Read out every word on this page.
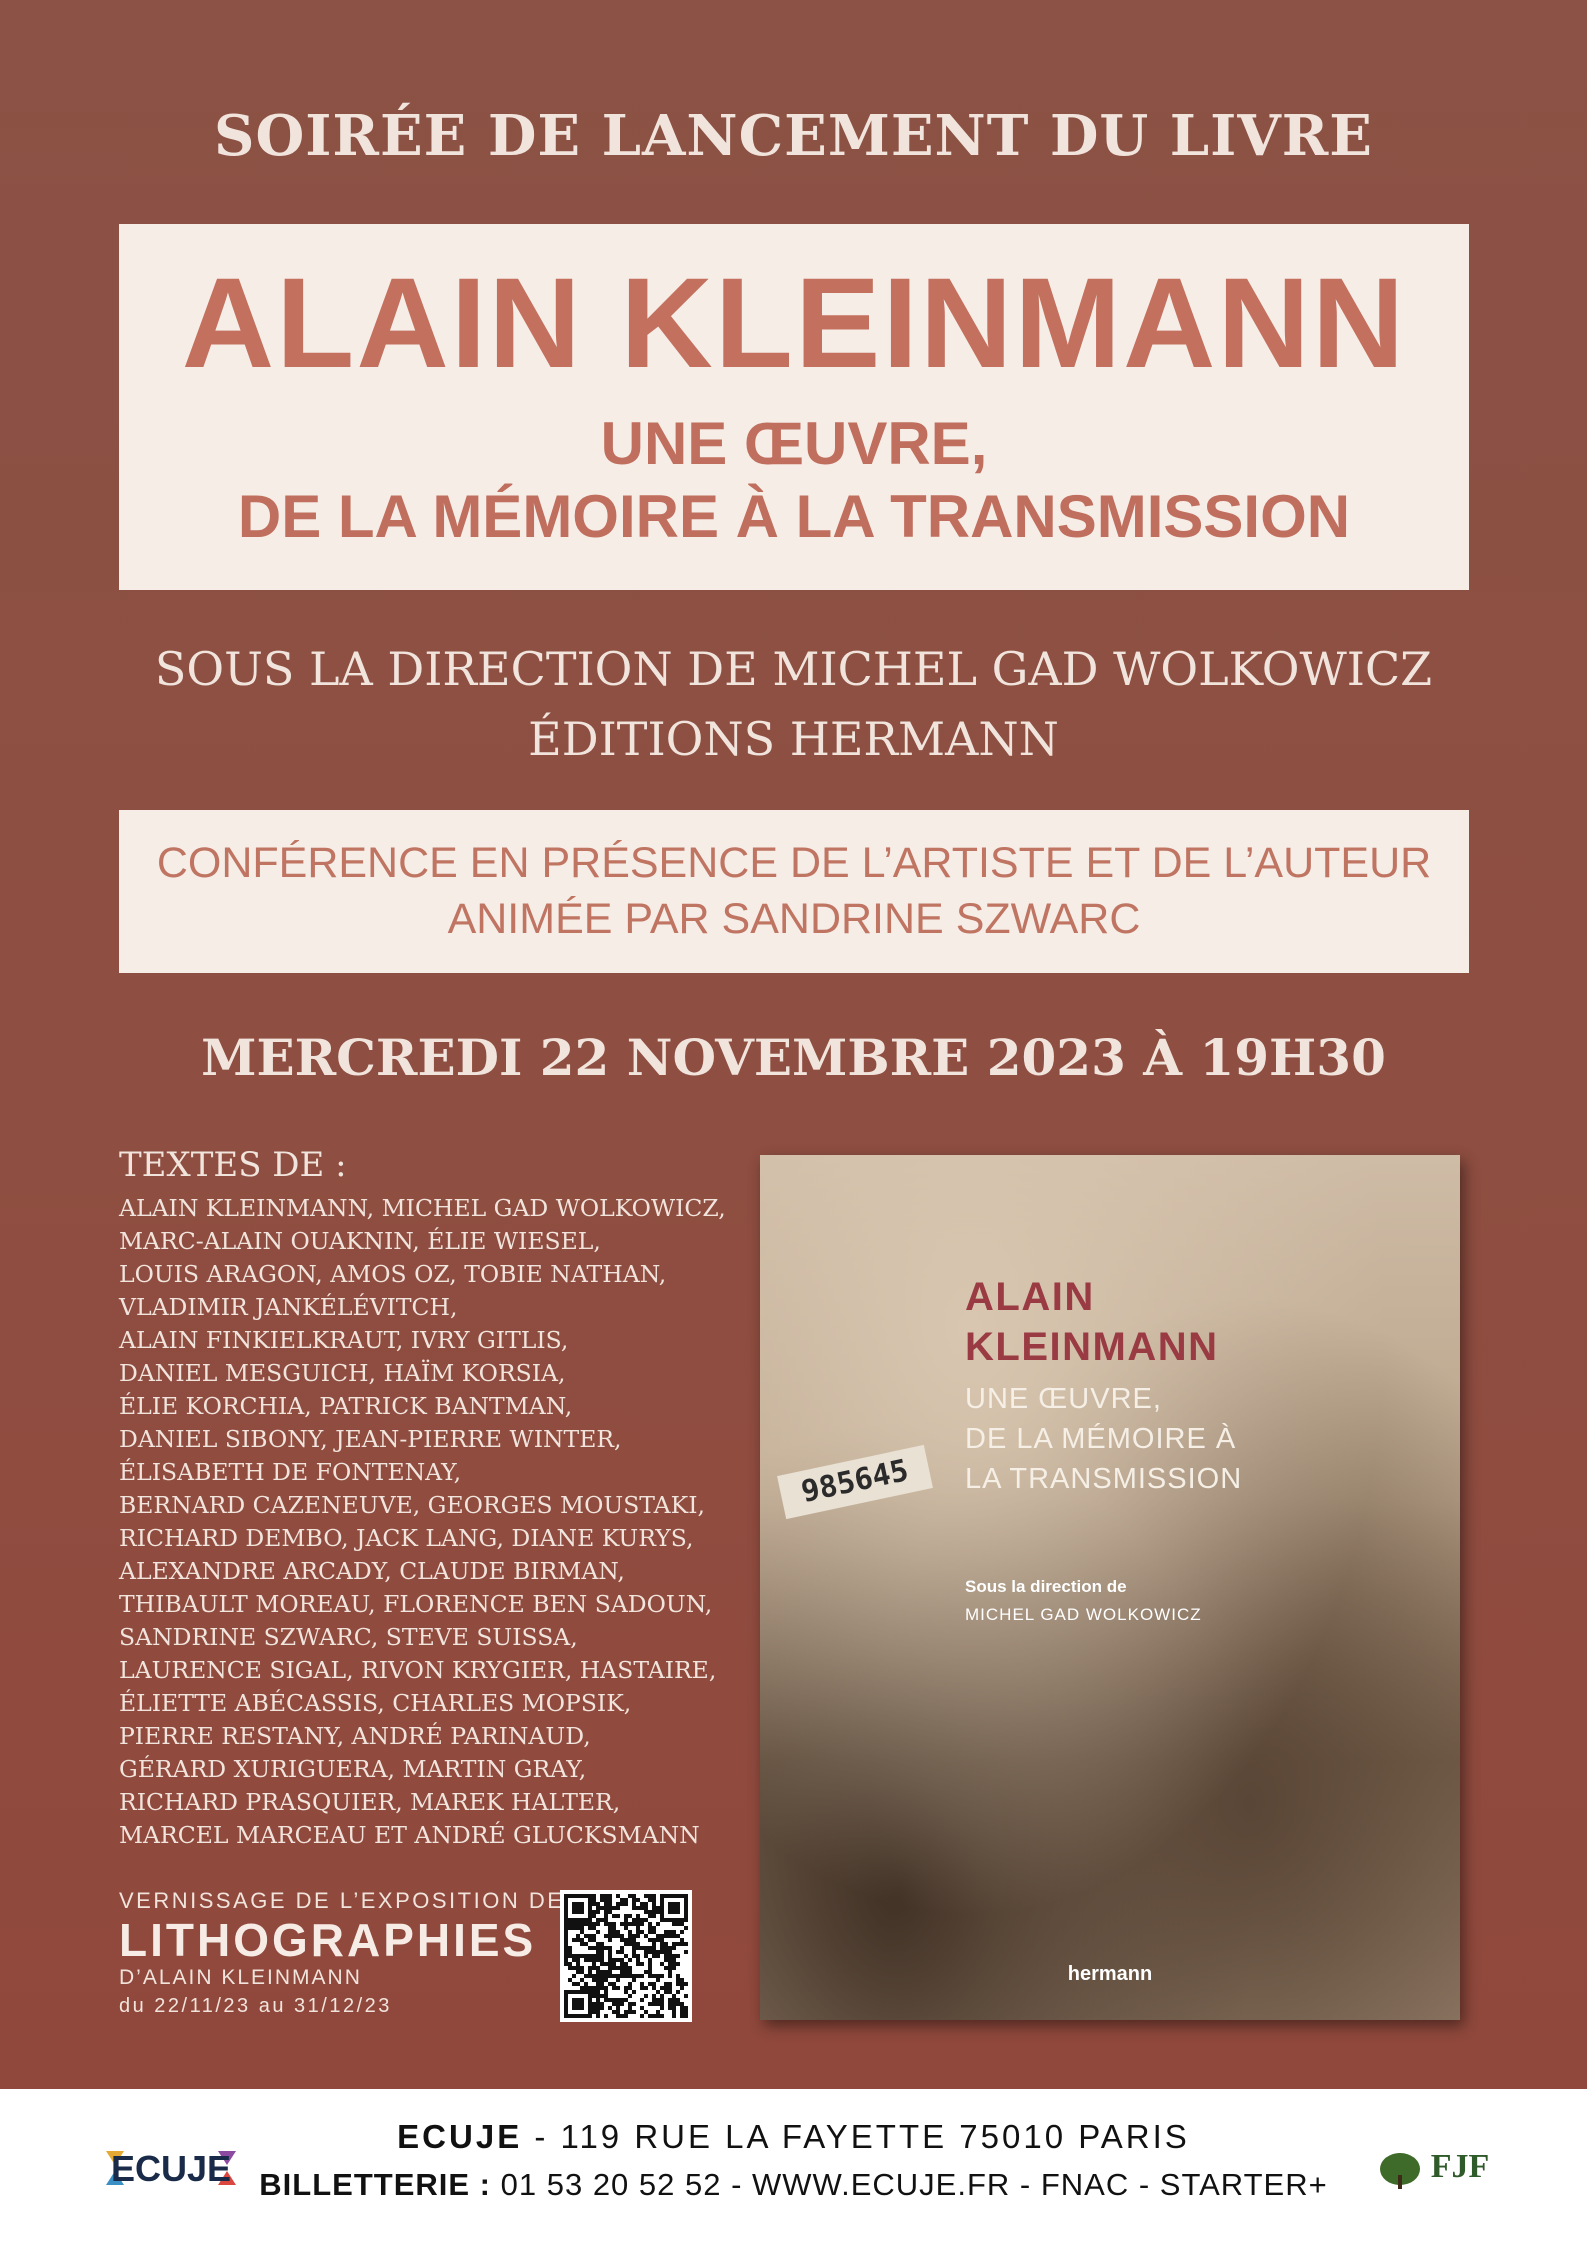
SOIRÉE DE LANCEMENT DU LIVRE
ALAIN KLEINMANN
UNE ŒUVRE,
DE LA MÉMOIRE À LA TRANSMISSION
SOUS LA DIRECTION DE MICHEL GAD WOLKOWICZ
ÉDITIONS HERMANN
CONFÉRENCE EN PRÉSENCE DE L’ARTISTE ET DE L’AUTEUR
ANIMÉE PAR SANDRINE SZWARC
MERCREDI 22 NOVEMBRE 2023 À 19H30
TEXTES DE :
ALAIN KLEINMANN, MICHEL GAD WOLKOWICZ,
MARC-ALAIN OUAKNIN, ÉLIE WIESEL,
LOUIS ARAGON, AMOS OZ, TOBIE NATHAN,
VLADIMIR JANKÉLÉVITCH,
ALAIN FINKIELKRAUT, IVRY GITLIS,
DANIEL MESGUICH, HAÏM KORSIA,
ÉLIE KORCHIA, PATRICK BANTMAN,
DANIEL SIBONY, JEAN-PIERRE WINTER,
ÉLISABETH DE FONTENAY,
BERNARD CAZENEUVE, GEORGES MOUSTAKI,
RICHARD DEMBO, JACK LANG, DIANE KURYS,
ALEXANDRE ARCADY, CLAUDE BIRMAN,
THIBAULT MOREAU, FLORENCE BEN SADOUN,
SANDRINE SZWARC, STEVE SUISSA,
LAURENCE SIGAL, RIVON KRYGIER, HASTAIRE,
ÉLIETTE ABÉCASSIS, CHARLES MOPSIK,
PIERRE RESTANY, ANDRÉ PARINAUD,
GÉRARD XURIGUERA, MARTIN GRAY,
RICHARD PRASQUIER, MAREK HALTER,
MARCEL MARCEAU ET ANDRÉ GLUCKSMANN
VERNISSAGE DE L’EXPOSITION DE
LITHOGRAPHIES
D’ALAIN KLEINMANN
du 22/11/23 au 31/12/23
985645
ALAIN
KLEINMANN
UNE ŒUVRE,
DE LA MÉMOIRE À
LA TRANSMISSION
Sous la direction de
MICHEL GAD WOLKOWICZ
hermann
ECUJE
ECUJE - 119 RUE LA FAYETTE 75010 PARIS
BILLETTERIE : 01 53 20 52 52 - WWW.ECUJE.FR - FNAC - STARTER+	FJF
